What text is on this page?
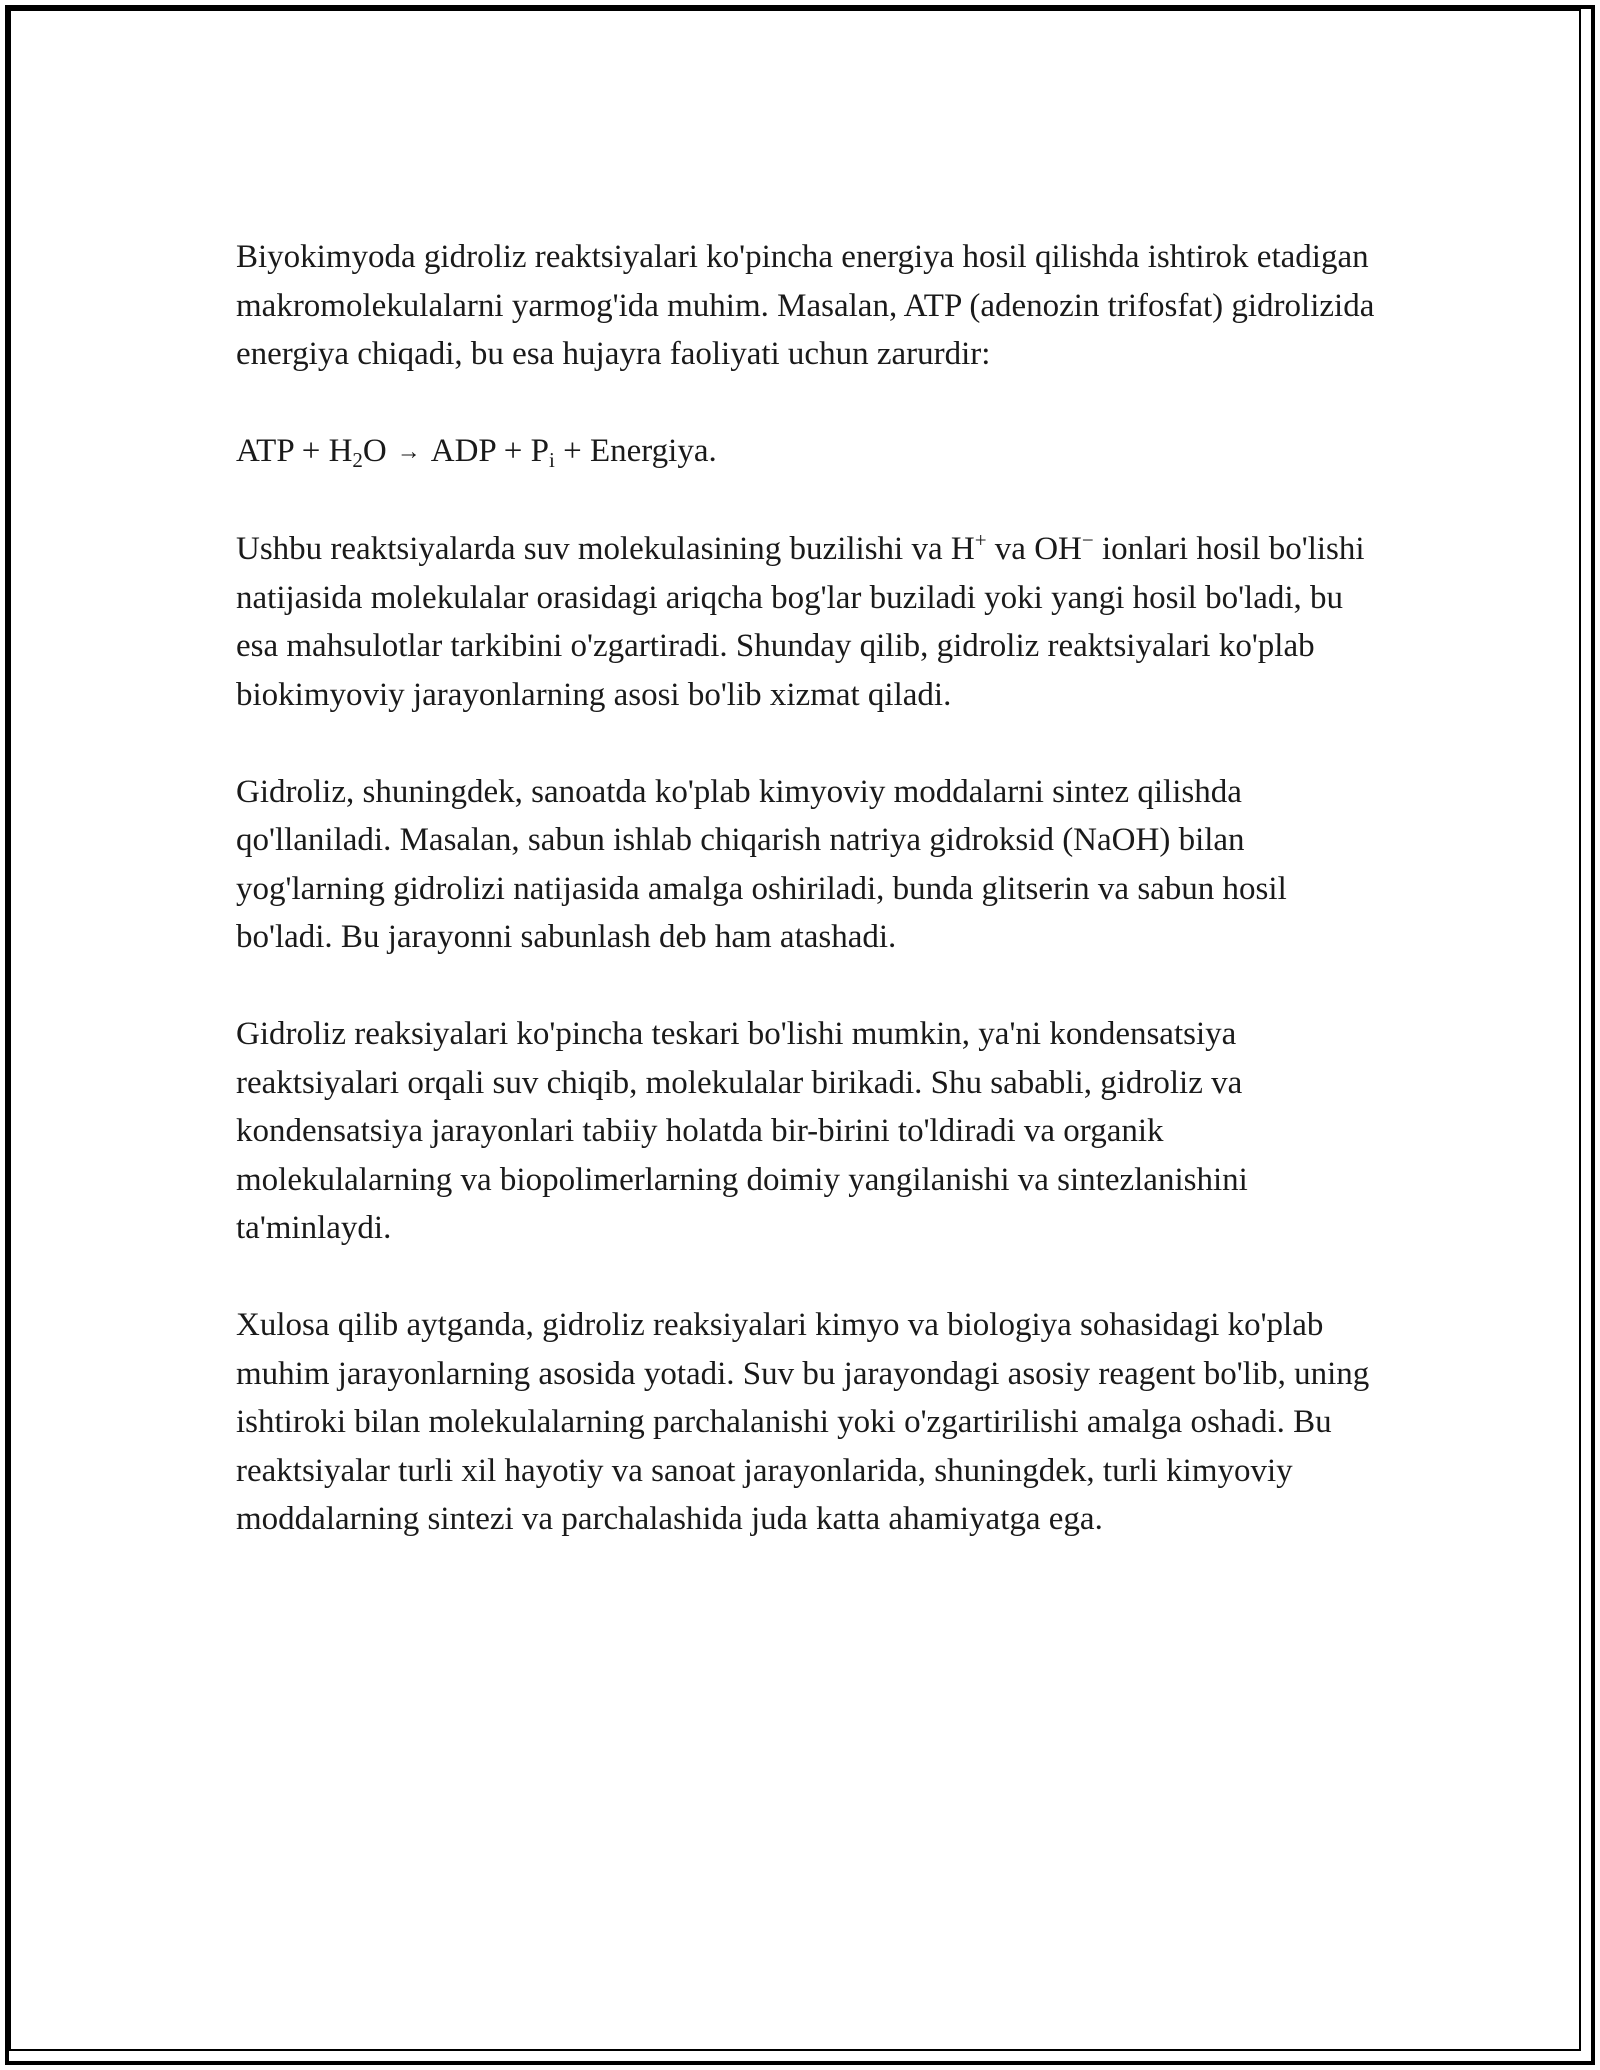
Biyokimyoda gidroliz reaktsiyalari ko'pincha energiya hosil qilishda ishtirok etadigan makromolekulalarni yarmog'ida muhim. Masalan, ATP (adenozin trifosfat) gidrolizida energiya chiqadi, bu esa hujayra faoliyati uchun zarurdir:

ATP + $H_2O$ → ADP + $P_i$ + Energiya.

Ushbu reaktsiyalarda suv molekulasining buzilishi va H+ va OH− ionlari hosil bo'lishi natijasida molekulalar orasidagi ariqcha bog'lar buziladi yoki yangi hosil bo'ladi, bu esa mahsulotlar tarkibini o'zgartiradi. Shunday qilib, gidroliz reaktsiyalari ko'plab biokimyoviy jarayonlarning asosi bo'lib xizmat qiladi.

Gidroliz, shuningdek, sanoatda ko'plab kimyoviy moddalarni sintez qilishda qo'llaniladi. Masalan, sabun ishlab chiqarish natriya gidroksid (NaOH) bilan yog'larning gidrolizi natijasida amalga oshiriladi, bunda glitserin va sabun hosil bo'ladi. Bu jarayonni sabunlash deb ham atashadi.

Gidroliz reaksiyalari ko'pincha teskari bo'lishi mumkin, ya'ni kondensatsiya reaktsiyalari orqali suv chiqib, molekulalar birikadi. Shu sababli, gidroliz va kondensatsiya jarayonlari tabiiy holatda bir-birini to'ldiradi va organik molekulalarning va biopolimerlarning doimiy yangilanishi va sintezlanishini ta'minlaydi.

Xulosa qilib aytganda, gidroliz reaksiyalari kimyo va biologiya sohasidagi ko'plab muhim jarayonlarning asosida yotadi. Suv bu jarayondagi asosiy reagent bo'lib, uning ishtiroki bilan molekulalarning parchalanishi yoki o'zgartirilishi amalga oshadi. Bu reaktsiyalar turli xil hayotiy va sanoat jarayonlarida, shuningdek, turli kimyoviy moddalarning sintezi va parchalashida juda katta ahamiyatga ega.
